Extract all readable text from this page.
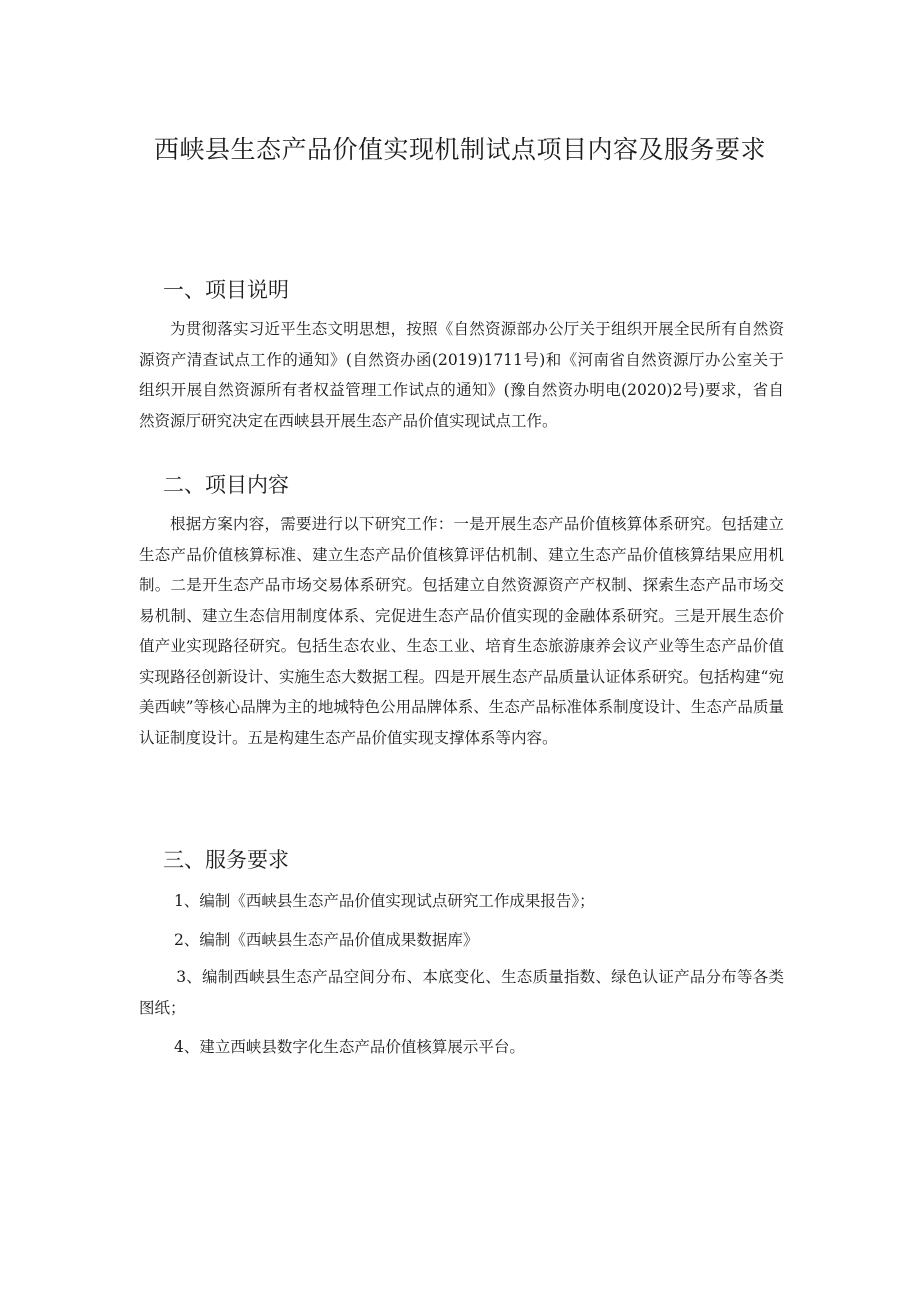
西峡县生态产品价值实现机制试点项目内容及服务要求
一、项目说明
为贯彻落实习近平生态文明思想，按照《自然资源部办公厅关于组织开展全民所有自然资源资产清查试点工作的通知》(自然资办函(2019)1711号)和《河南省自然资源厅办公室关于组织开展自然资源所有者权益管理工作试点的通知》(豫自然资办明电(2020)2号)要求，省自然资源厅研究决定在西峡县开展生态产品价值实现试点工作。
二、项目内容
根据方案内容，需要进行以下研究工作：一是开展生态产品价值核算体系研究。包括建立生态产品价值核算标准、建立生态产品价值核算评估机制、建立生态产品价值核算结果应用机制。二是开生态产品市场交易体系研究。包括建立自然资源资产产权制、探索生态产品市场交易机制、建立生态信用制度体系、完促进生态产品价值实现的金融体系研究。三是开展生态价值产业实现路径研究。包括生态农业、生态工业、培育生态旅游康养会议产业等生态产品价值实现路径创新设计、实施生态大数据工程。四是开展生态产品质量认证体系研究。包括构建“宛美西峡”等核心品牌为主的地城特色公用品牌体系、生态产品标准体系制度设计、生态产品质量认证制度设计。五是构建生态产品价值实现支撑体系等内容。
三、服务要求
1、编制《西峡县生态产品价值实现试点研究工作成果报告》；
2、编制《西峡县生态产品价值成果数据库》
3、编制西峡县生态产品空间分布、本底变化、生态质量指数、绿色认证产品分布等各类图纸；
4、建立西峡县数字化生态产品价值核算展示平台。
